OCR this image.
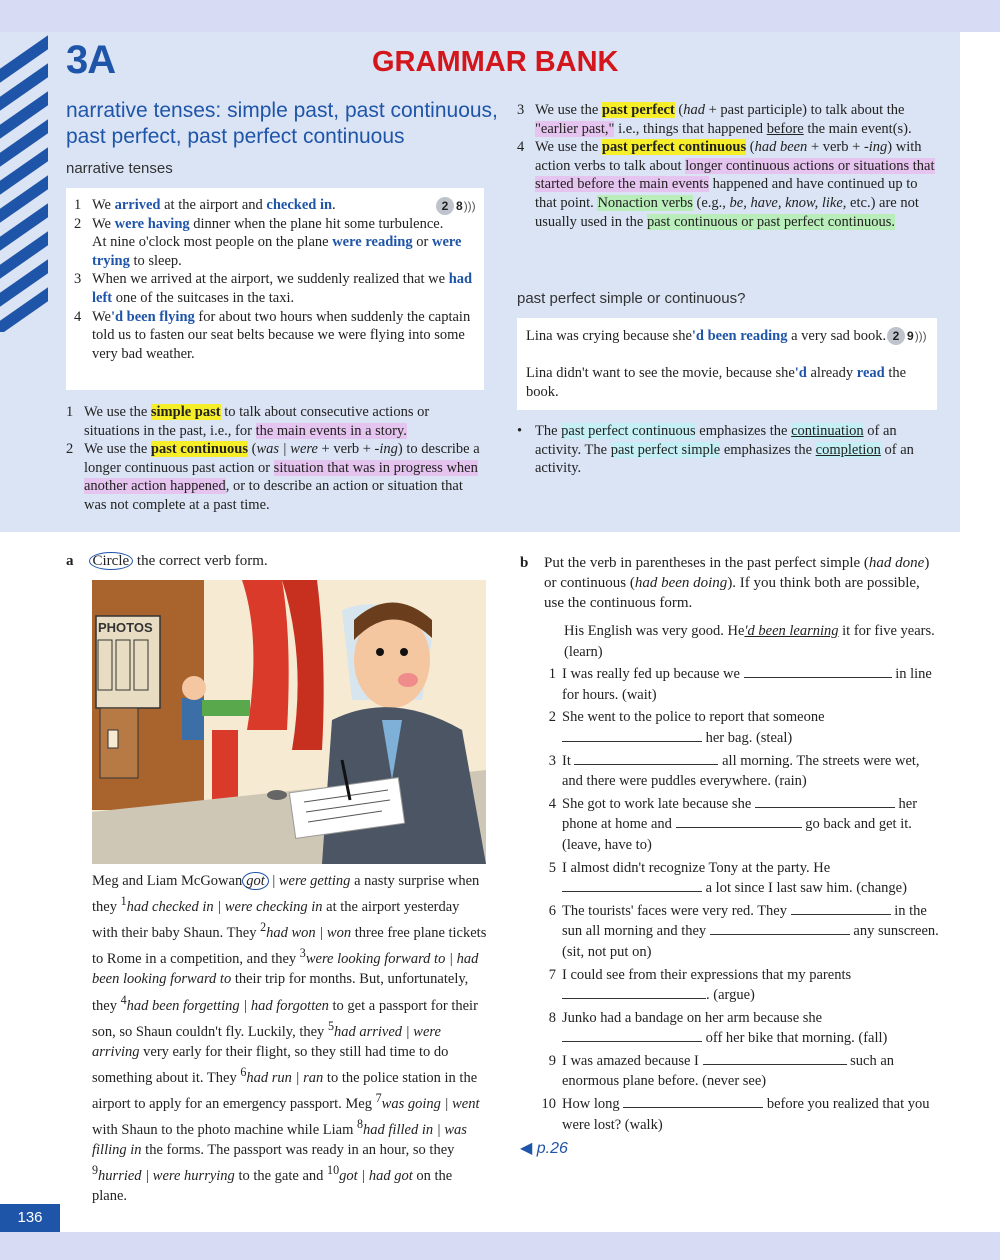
3A	GRAMMAR BANK
narrative tenses: simple past, past continuous,
past perfect, past perfect continuous
narrative tenses
2 8 )))
1 We arrived at the airport and checked in.
2 We were having dinner when the plane hit some turbulence.
At nine o'clock most people on the plane were reading or were trying to sleep.
3 When we arrived at the airport, we suddenly realized that we had left one of the suitcases in the taxi.
4 We'd been flying for about two hours when suddenly the captain told us to fasten our seat belts because we were flying into some very bad weather.
1 We use the simple past to talk about consecutive actions or situations in the past, i.e., for the main events in a story.
2 We use the past continuous (was | were + verb + -ing) to describe a longer continuous past action or situation that was in progress when another action happened, or to describe an action or situation that was not complete at a past time.
3 We use the past perfect (had + past participle) to talk about the "earlier past," i.e., things that happened before the main event(s).
4 We use the past perfect continuous (had been + verb + -ing) with action verbs to talk about longer continuous actions or situations that started before the main events happened and have continued up to that point. Nonaction verbs (e.g., be, have, know, like, etc.) are not usually used in the past continuous or past perfect continuous.
past perfect simple or continuous?
2 9 )))
Lina was crying because she'd been reading a very sad book.
Lina didn't want to see the movie, because she'd already read the book.
• The past perfect continuous emphasizes the continuation of an activity. The past perfect simple emphasizes the completion of an activity.
a Circle the correct verb form.
PHOTOS
Meg and Liam McGowan got | were getting a nasty surprise when they $^1$had checked in | were checking in at the airport yesterday with their baby Shaun. They $^2$had won | won three free plane tickets to Rome in a competition, and they $^3$were looking forward to | had been looking forward to their trip for months. But, unfortunately, they $^4$had been forgetting | had forgotten to get a passport for their son, so Shaun couldn't fly. Luckily, they $^5$had arrived | were arriving very early for their flight, so they still had time to do something about it. They $^6$had run | ran to the police station in the airport to apply for an emergency passport. Meg $^7$was going | went with Shaun to the photo machine while Liam $^8$had filled in | was filling in the forms. The passport was ready in an hour, so they $^9$hurried | were hurrying to the gate and $^{10}$got | had got on the plane.
b Put the verb in parentheses in the past perfect simple (had done) or continuous (had been doing). If you think both are possible, use the continuous form.
His English was very good. He'd been learning it for five years. (learn)
1 I was really fed up because we	in line for hours. (wait)
2 She went to the police to report that someone  her bag. (steal)
3 It	all morning. The streets were wet, and there were puddles everywhere. (rain)
4 She got to work late because she	her phone at home and	go back and get it. (leave, have to)
5 I almost didn't recognize Tony at the party. He  a lot since I last saw him. (change)
6 The tourists' faces were very red. They	in the sun all morning and they	any sunscreen. (sit, not put on)
7 I could see from their expressions that my parents . (argue)
8 Junko had a bandage on her arm because she  off her bike that morning. (fall)
9 I was amazed because I	such an enormous plane before. (never see)
10 How long	before you realized that you were lost? (walk)
◀ p.26
136
